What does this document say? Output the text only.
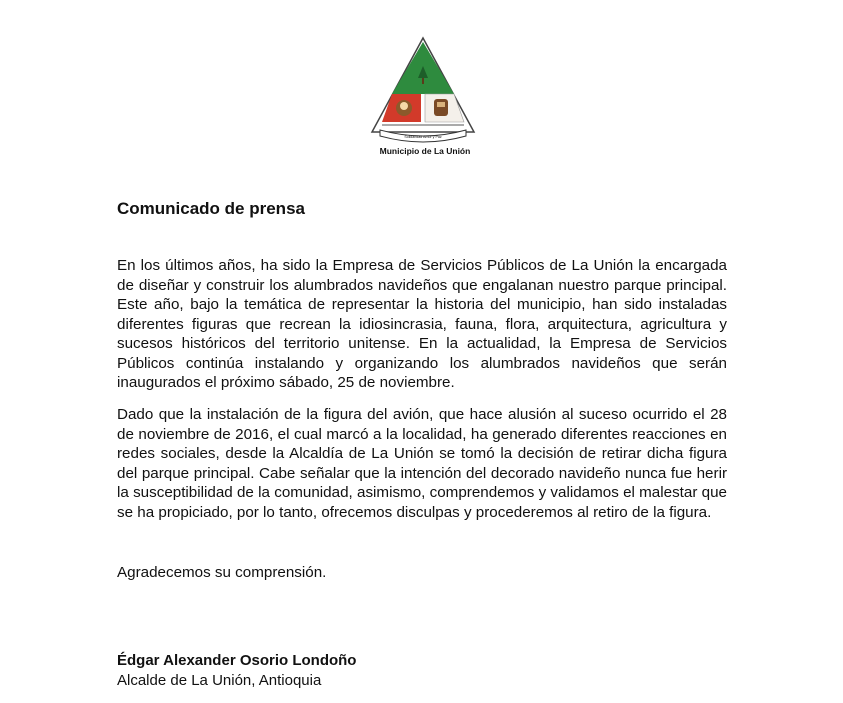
Solidaridad Amor y Paz
Municipio de La Unión
Comunicado de prensa

En los últimos años, ha sido la Empresa de Servicios Públicos de La Unión la encargada de diseñar y construir los alumbrados navideños que engalanan nuestro parque principal. Este año, bajo la temática de representar la historia del municipio, han sido instaladas diferentes figuras que recrean la idiosincrasia, fauna, flora, arquitectura, agricultura y sucesos históricos del territorio unitense. En la actualidad, la Empresa de Servicios Públicos continúa instalando y organizando los alumbrados navideños que serán inaugurados el próximo sábado, 25 de noviembre.

Dado que la instalación de la figura del avión, que hace alusión al suceso ocurrido el 28 de noviembre de 2016, el cual marcó a la localidad, ha generado diferentes reacciones en redes sociales, desde la Alcaldía de La Unión se tomó la decisión de retirar dicha figura del parque principal. Cabe señalar que la intención del decorado navideño nunca fue herir la susceptibilidad de la comunidad, asimismo, comprendemos y validamos el malestar que se ha propiciado, por lo tanto, ofrecemos disculpas y procederemos al retiro de la figura.

Agradecemos su comprensión.

Édgar Alexander Osorio Londoño
Alcalde de La Unión, Antioquia
